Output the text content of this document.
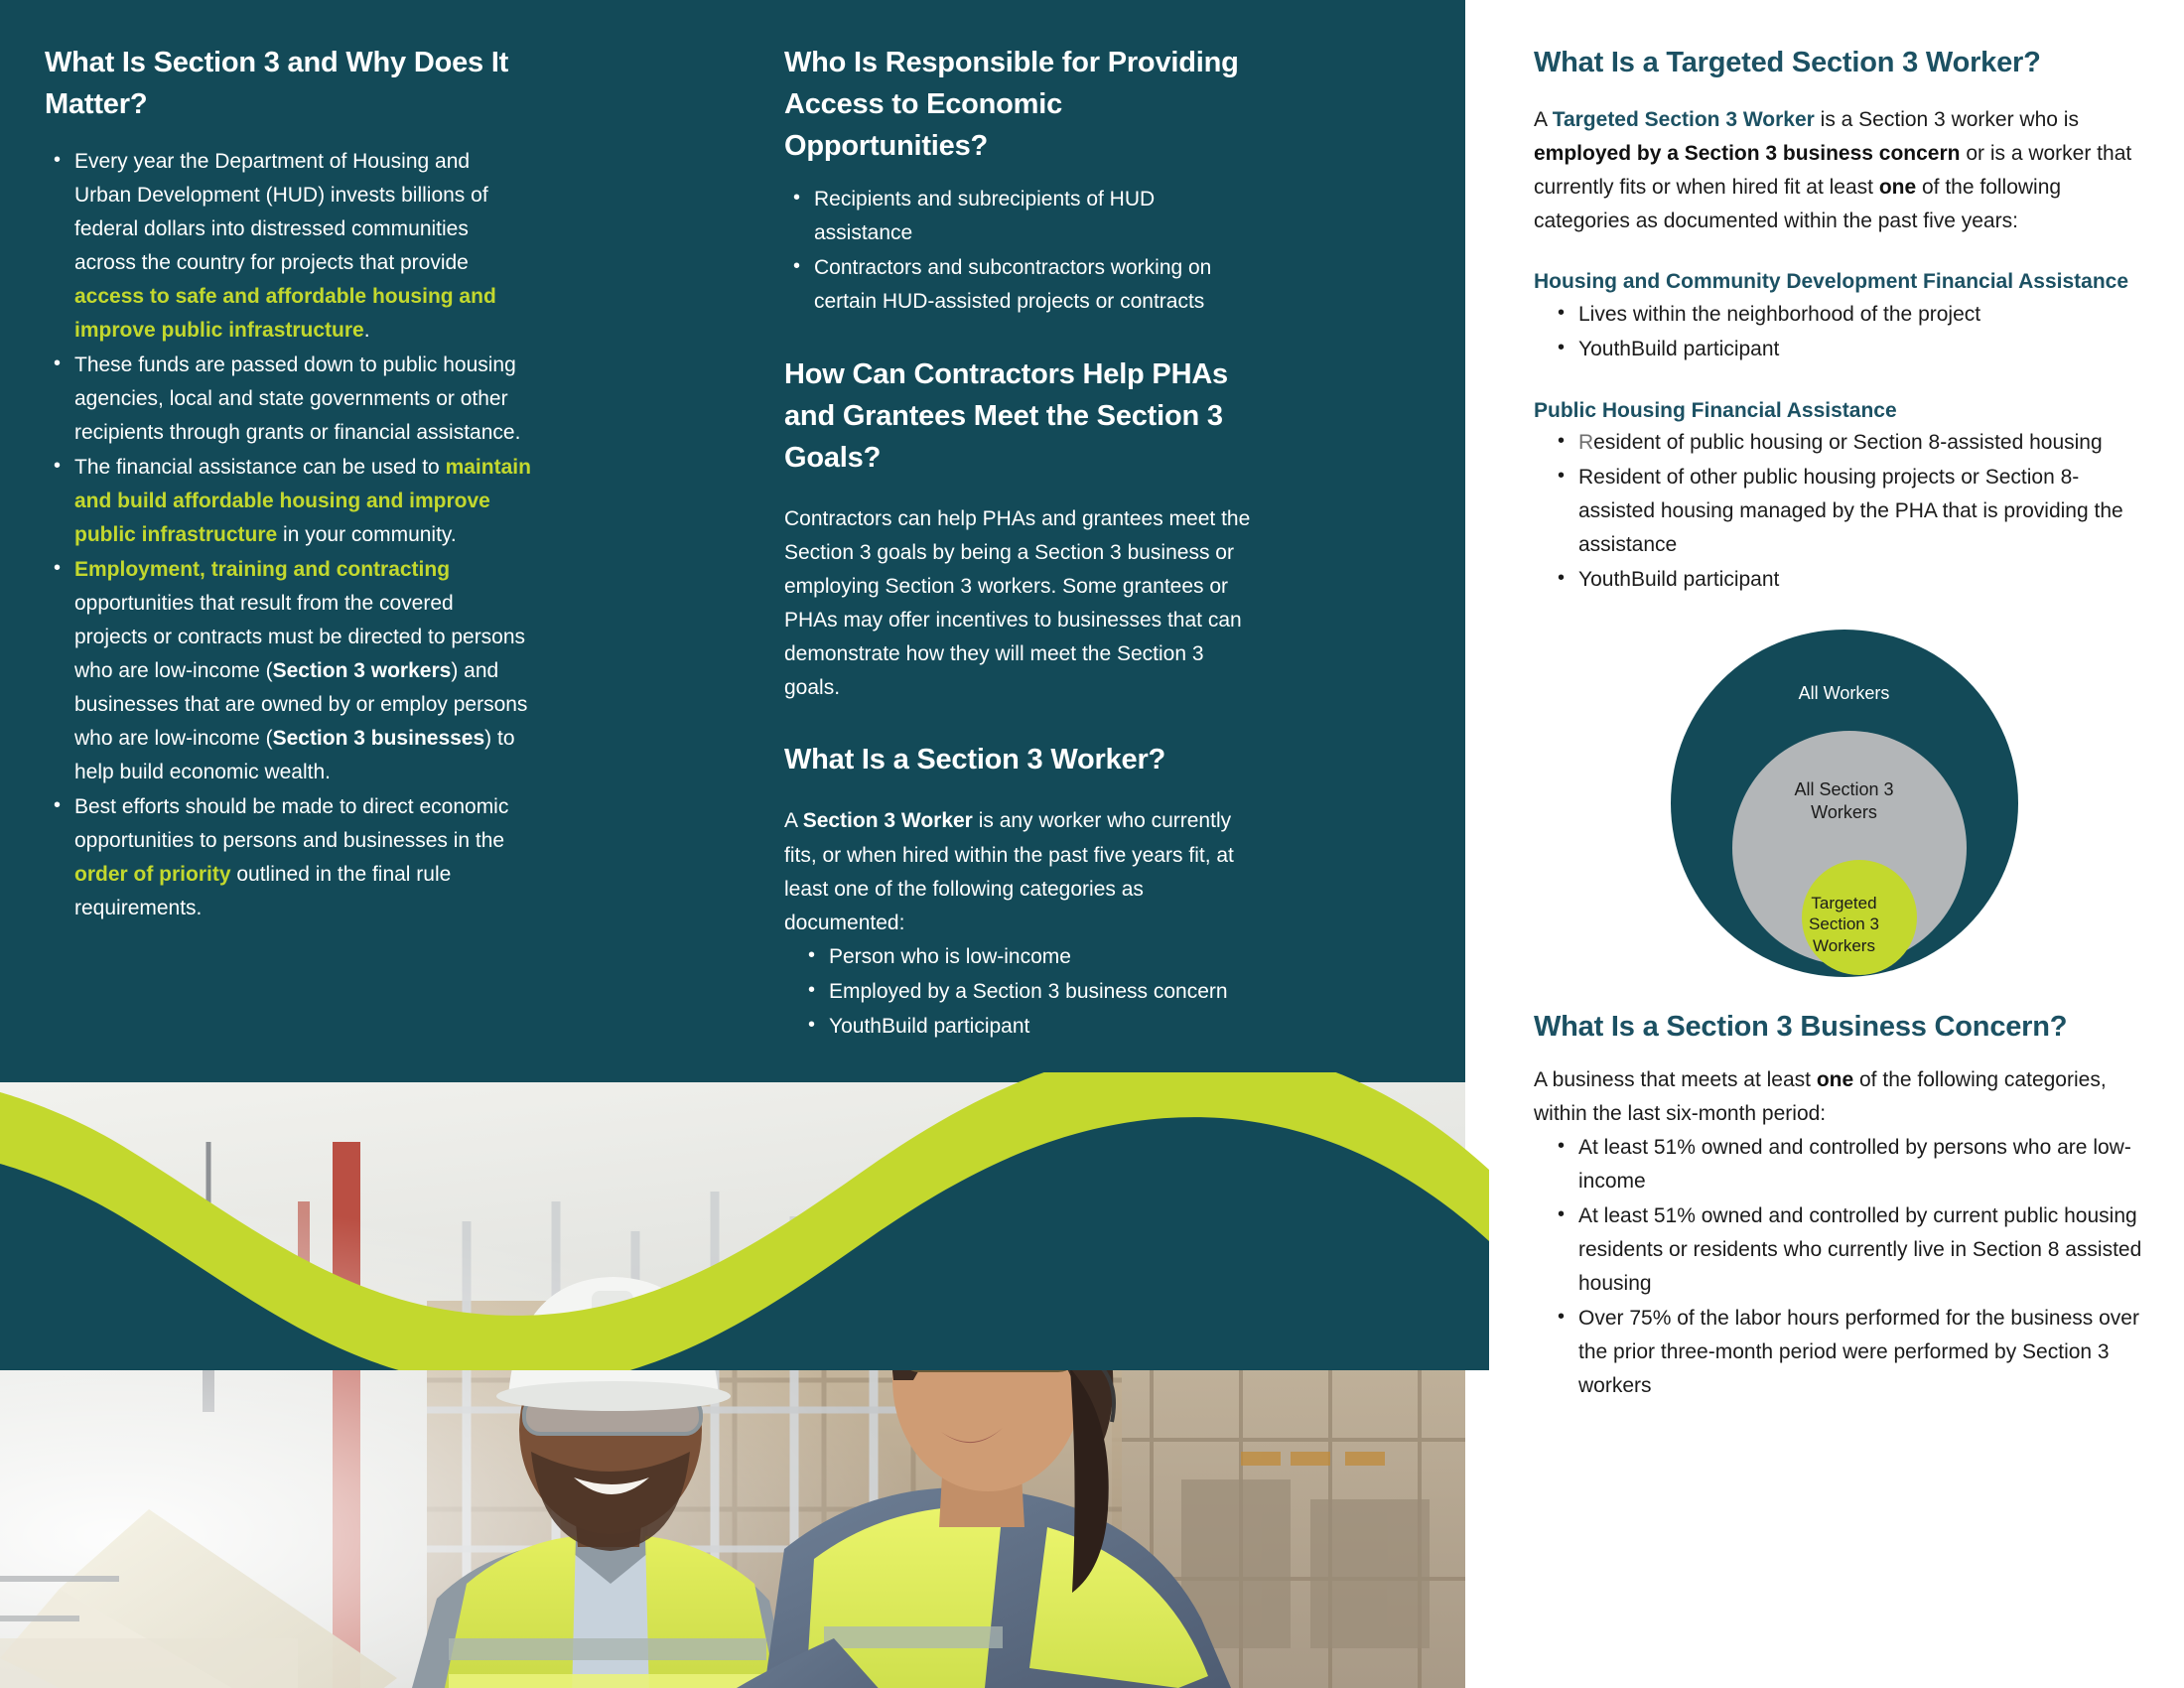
What Is Section 3 and Why Does It Matter?
• Every year the Department of Housing and Urban Development (HUD) invests billions of federal dollars into distressed communities across the country for projects that provide access to safe and affordable housing and improve public infrastructure.
• These funds are passed down to public housing agencies, local and state governments or other recipients through grants or financial assistance.
• The financial assistance can be used to maintain and build affordable housing and improve public infrastructure in your community.
• Employment, training and contracting opportunities that result from the covered projects or contracts must be directed to persons who are low-income (Section 3 workers) and businesses that are owned by or employ persons who are low-income (Section 3 businesses) to help build economic wealth.
• Best efforts should be made to direct economic opportunities to persons and businesses in the order of priority outlined in the final rule requirements.
Who Is Responsible for Providing Access to Economic Opportunities?
• Recipients and subrecipients of HUD assistance
• Contractors and subcontractors working on certain HUD-assisted projects or contracts
How Can Contractors Help PHAs and Grantees Meet the Section 3 Goals?

Contractors can help PHAs and grantees meet the Section 3 goals by being a Section 3 business or employing Section 3 workers. Some grantees or PHAs may offer incentives to businesses that can demonstrate how they will meet the Section 3 goals.

What Is a Section 3 Worker?

A Section 3 Worker is any worker who currently fits, or when hired within the past five years fit, at least one of the following categories as documented:

• Person who is low-income
• Employed by a Section 3 business concern
• YouthBuild participant
What Is a Targeted Section 3 Worker?

A Targeted Section 3 Worker is a Section 3 worker who is employed by a Section 3 business concern or is a worker that currently fits or when hired fit at least one of the following categories as documented within the past five years:

Housing and Community Development Financial Assistance
• Lives within the neighborhood of the project
• YouthBuild participant
Public Housing Financial Assistance
• Resident of public housing or Section 8-assisted housing
• Resident of other public housing projects or Section 8-assisted housing managed by the PHA that is providing the assistance
• YouthBuild participant
All Workers
All Section 3
Workers
Targeted
Section 3
Workers
What Is a Section 3 Business Concern?

A business that meets at least one of the following categories, within the last six-month period:

• At least 51% owned and controlled by persons who are low-income
• At least 51% owned and controlled by current public housing residents or residents who currently live in Section 8 assisted housing
• Over 75% of the labor hours performed for the business over the prior three-month period were performed by Section 3 workers
